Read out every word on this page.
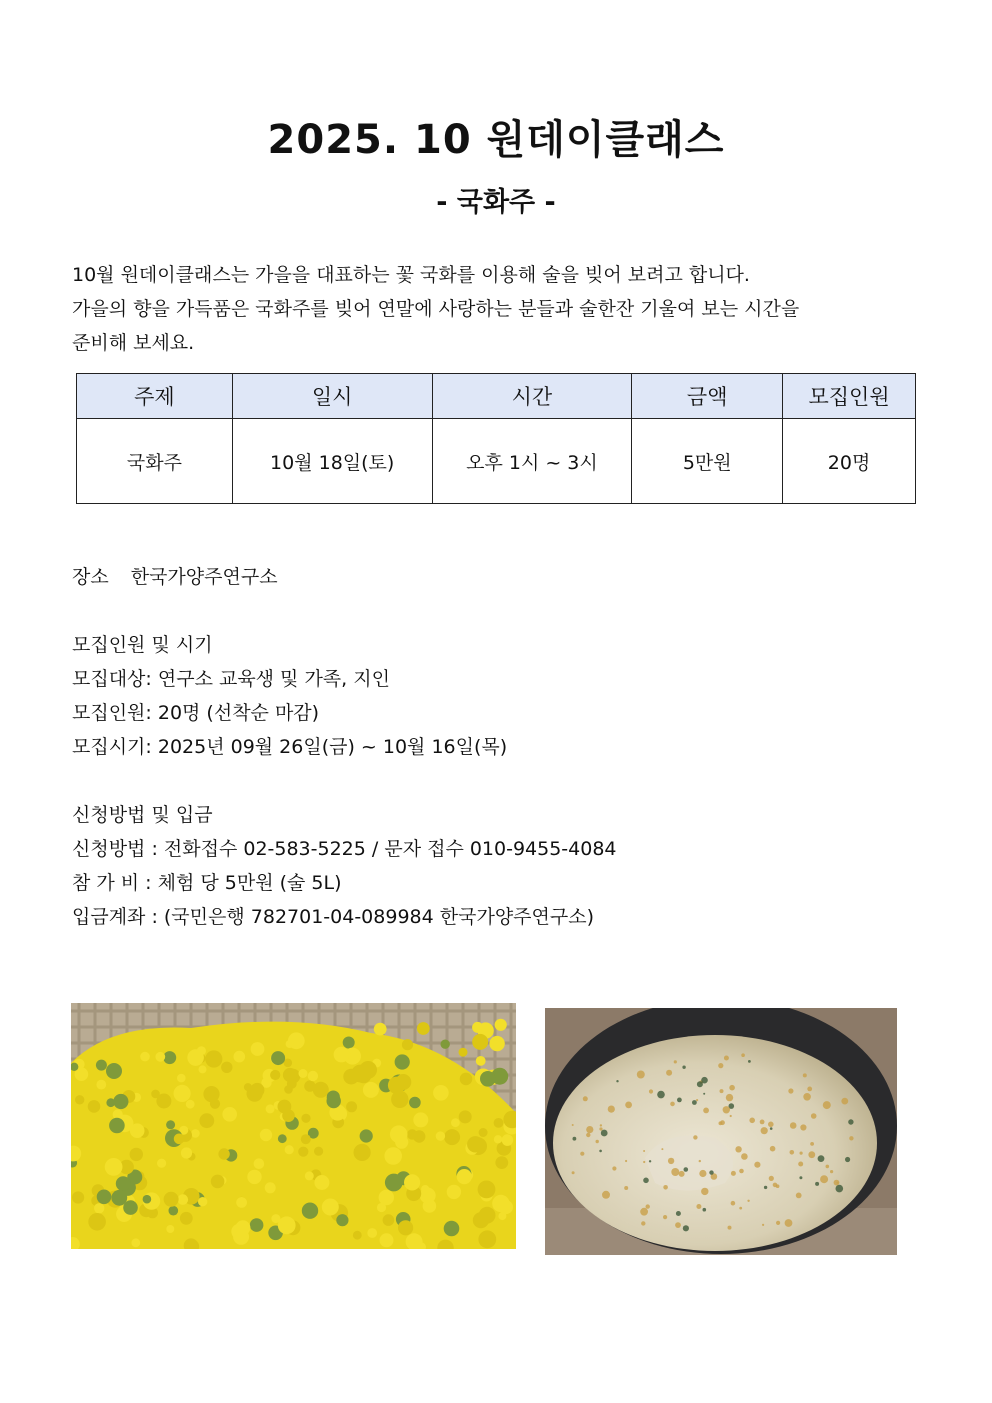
2025. 10 원데이클래스
- 국화주 -
10월 원데이클래스는 가을을 대표하는 꽃 국화를 이용해 술을 빚어 보려고 합니다.
가을의 향을 가득품은 국화주를 빚어 연말에 사랑하는 분들과 술한잔 기울여 보는 시간을
준비해 보세요.
주제	일시	시간	금액	모집인원
국화주	10월 18일(토)	오후 1시 ~ 3시	5만원	20명
장소 한국가양주연구소
모집인원 및 시기
모집대상: 연구소 교육생 및 가족, 지인
모집인원: 20명 (선착순 마감)
모집시기: 2025년 09월 26일(금) ~ 10월 16일(목)
신청방법 및 입금
신청방법 : 전화접수 02-583-5225 / 문자 접수 010-9455-4084
참 가 비 : 체험 당 5만원 (술 5L)
입금계좌 : (국민은행 782701-04-089984 한국가양주연구소)
